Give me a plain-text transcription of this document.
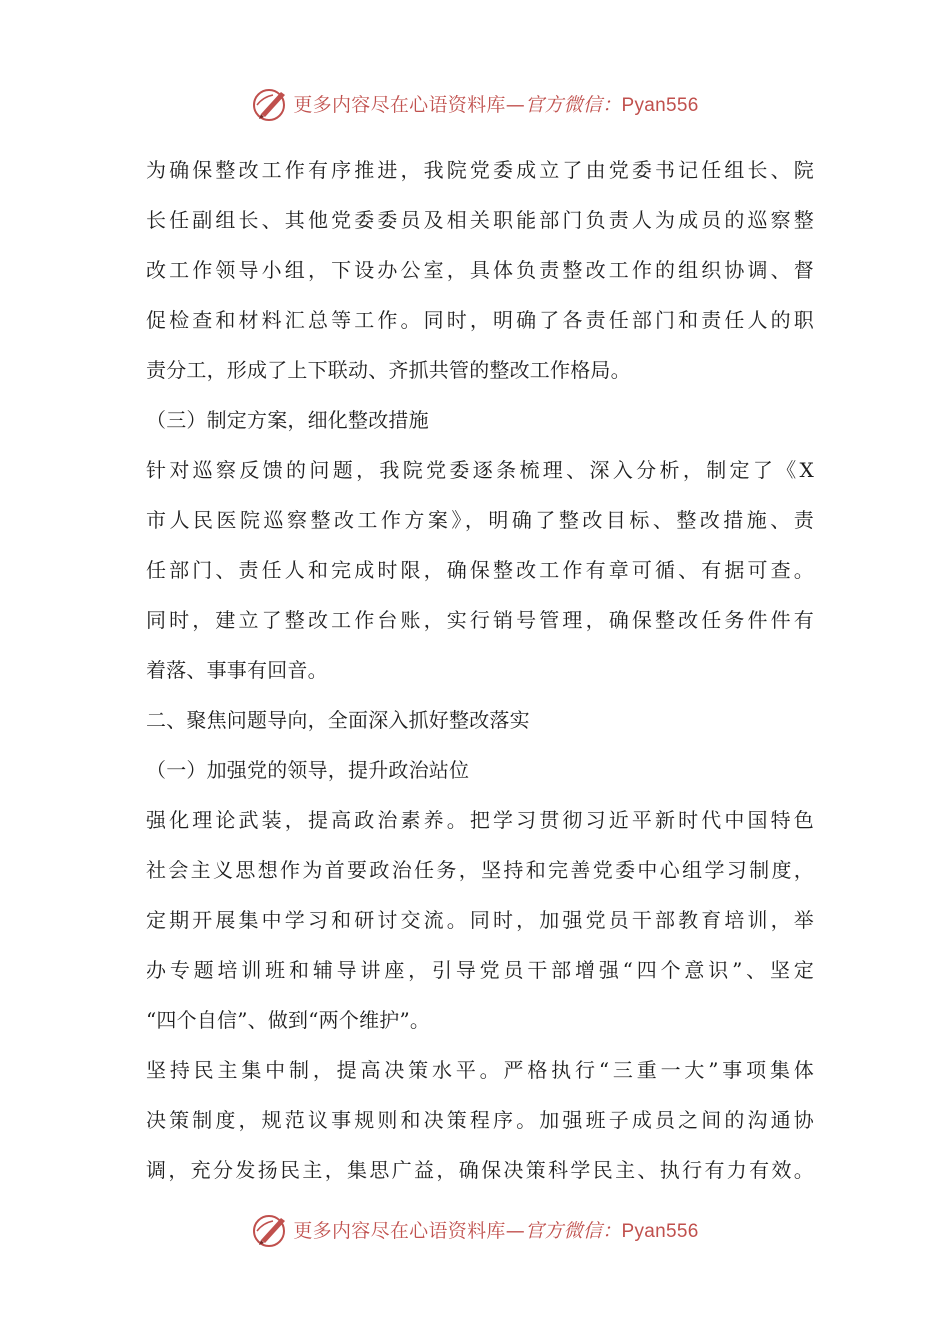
更多内容尽在心语资料库—官方微信：Pyan556
为确保整改工作有序推进，我院党委成立了由党委书记任组长、院
长任副组长、其他党委委员及相关职能部门负责人为成员的巡察整
改工作领导小组，下设办公室，具体负责整改工作的组织协调、督
促检查和材料汇总等工作。同时，明确了各责任部门和责任人的职
责分工，形成了上下联动、齐抓共管的整改工作格局。
（三）制定方案，细化整改措施
针对巡察反馈的问题，我院党委逐条梳理、深入分析，制定了《X
市人民医院巡察整改工作方案》，明确了整改目标、整改措施、责
任部门、责任人和完成时限，确保整改工作有章可循、有据可查。
同时，建立了整改工作台账，实行销号管理，确保整改任务件件有
着落、事事有回音。
二、聚焦问题导向，全面深入抓好整改落实
（一）加强党的领导，提升政治站位
强化理论武装，提高政治素养。把学习贯彻习近平新时代中国特色
社会主义思想作为首要政治任务，坚持和完善党委中心组学习制度，
定期开展集中学习和研讨交流。同时，加强党员干部教育培训，举
办专题培训班和辅导讲座，引导党员干部增强“四个意识”、坚定
“四个自信”、做到“两个维护”。
坚持民主集中制，提高决策水平。严格执行“三重一大”事项集体
决策制度，规范议事规则和决策程序。加强班子成员之间的沟通协
调，充分发扬民主，集思广益，确保决策科学民主、执行有力有效。
更多内容尽在心语资料库—官方微信：Pyan556
